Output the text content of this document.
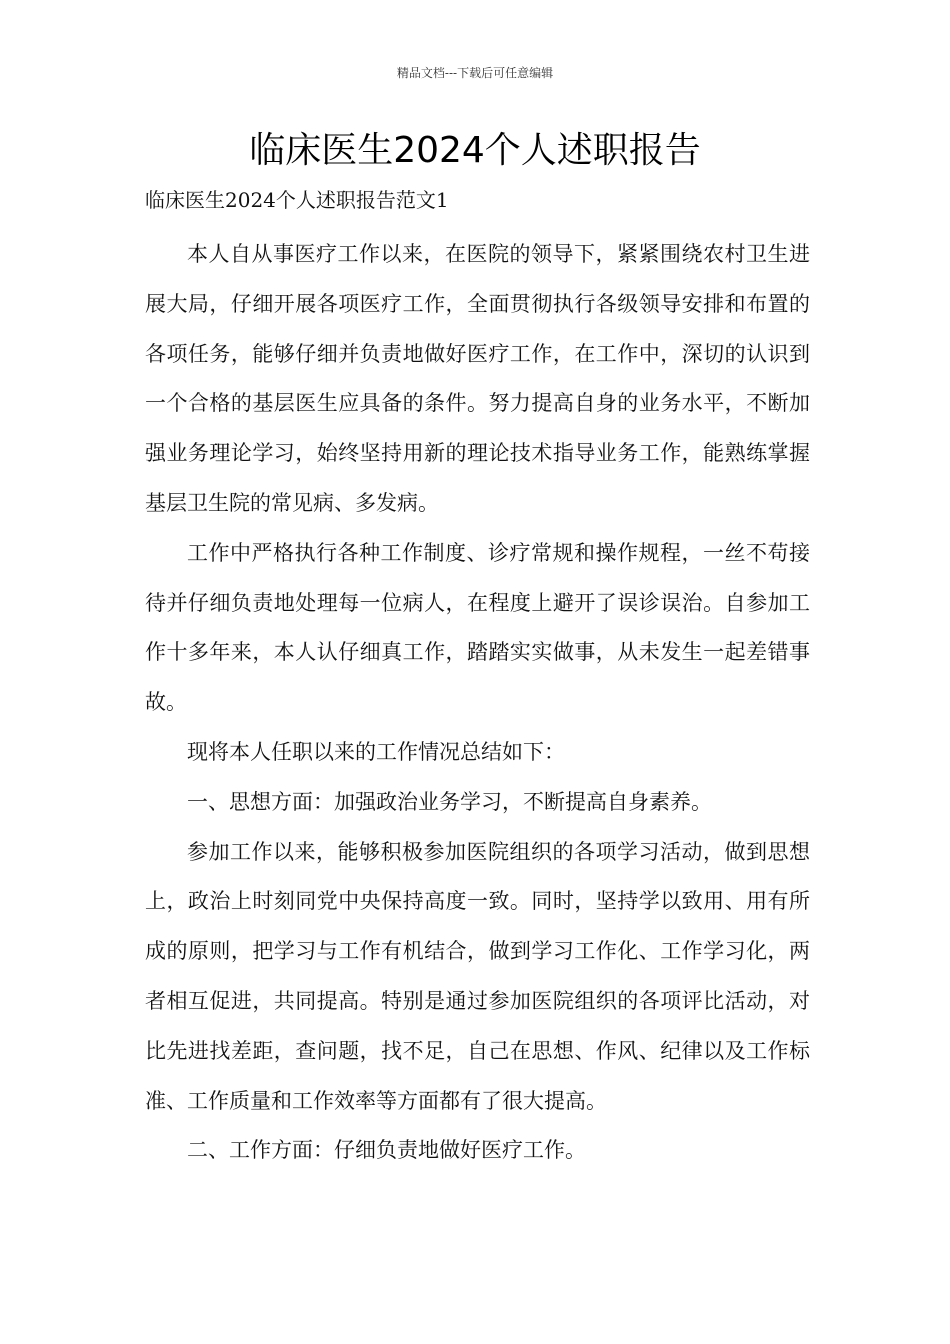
精品文档---下载后可任意编辑
临床医生2024个人述职报告

临床医生2024个人述职报告范文1

本人自从事医疗工作以来，在医院的领导下，紧紧围绕农村卫生进展大局，仔细开展各项医疗工作，全面贯彻执行各级领导安排和布置的各项任务，能够仔细并负责地做好医疗工作，在工作中，深切的认识到一个合格的基层医生应具备的条件。努力提高自身的业务水平，不断加强业务理论学习，始终坚持用新的理论技术指导业务工作，能熟练掌握基层卫生院的常见病、多发病。

工作中严格执行各种工作制度、诊疗常规和操作规程，一丝不苟接待并仔细负责地处理每一位病人，在程度上避开了误诊误治。自参加工作十多年来，本人认仔细真工作，踏踏实实做事，从未发生一起差错事故。

现将本人任职以来的工作情况总结如下：

一、思想方面：加强政治业务学习，不断提高自身素养。

参加工作以来，能够积极参加医院组织的各项学习活动，做到思想上，政治上时刻同党中央保持高度一致。同时，坚持学以致用、用有所成的原则，把学习与工作有机结合，做到学习工作化、工作学习化，两者相互促进，共同提高。特别是通过参加医院组织的各项评比活动，对比先进找差距，查问题，找不足，自己在思想、作风、纪律以及工作标准、工作质量和工作效率等方面都有了很大提高。

二、工作方面：仔细负责地做好医疗工作。
